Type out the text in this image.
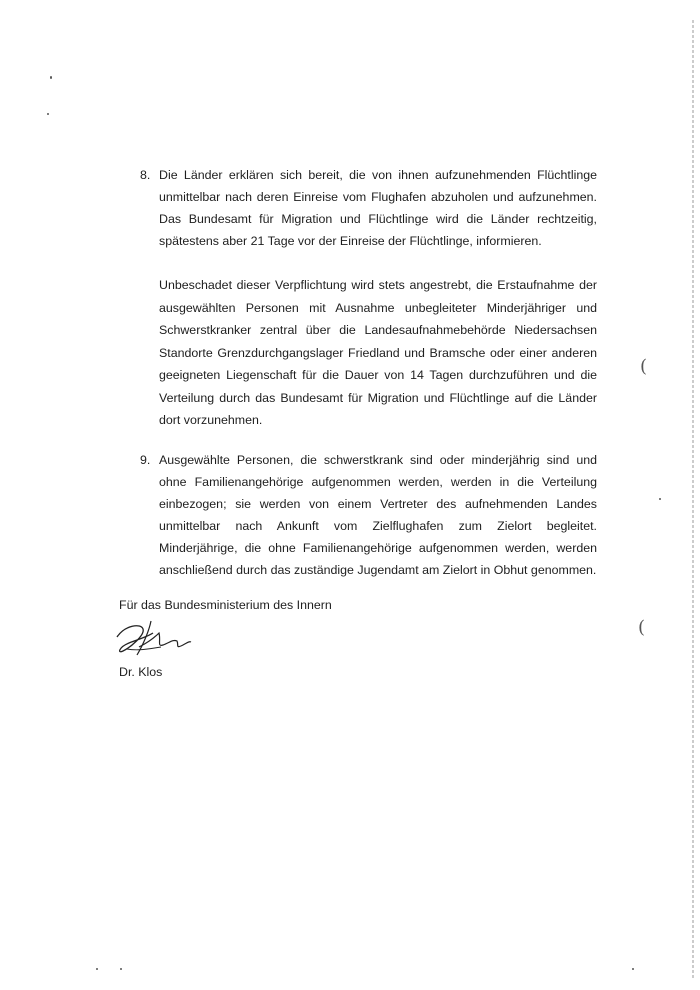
8. Die Länder erklären sich bereit, die von ihnen aufzunehmenden Flüchtlinge unmittelbar nach deren Einreise vom Flughafen abzuholen und aufzunehmen. Das Bundesamt für Migration und Flüchtlinge wird die Länder rechtzeitig, spätestens aber 21 Tage vor der Einreise der Flüchtlinge, informieren.
Unbeschadet dieser Verpflichtung wird stets angestrebt, die Erstaufnahme der ausgewählten Personen mit Ausnahme unbegleiteter Minderjähriger und Schwerstkranker zentral über die Landesaufnahmebehörde Niedersachsen Standorte Grenzdurchgangslager Friedland und Bramsche oder einer anderen geeigneten Liegenschaft für die Dauer von 14 Tagen durchzuführen und die Verteilung durch das Bundesamt für Migration und Flüchtlinge auf die Länder dort vorzunehmen.
9. Ausgewählte Personen, die schwerstkrank sind oder minderjährig sind und ohne Familienangehörige aufgenommen werden, werden in die Verteilung einbezogen; sie werden von einem Vertreter des aufnehmenden Landes unmittelbar nach Ankunft vom Zielflughafen zum Zielort begleitet. Minderjährige, die ohne Familienangehörige aufgenommen werden, werden anschließend durch das zuständige Jugendamt am Zielort in Obhut genommen.
Für das Bundesministerium des Innern
Dr. Klos
(
(
